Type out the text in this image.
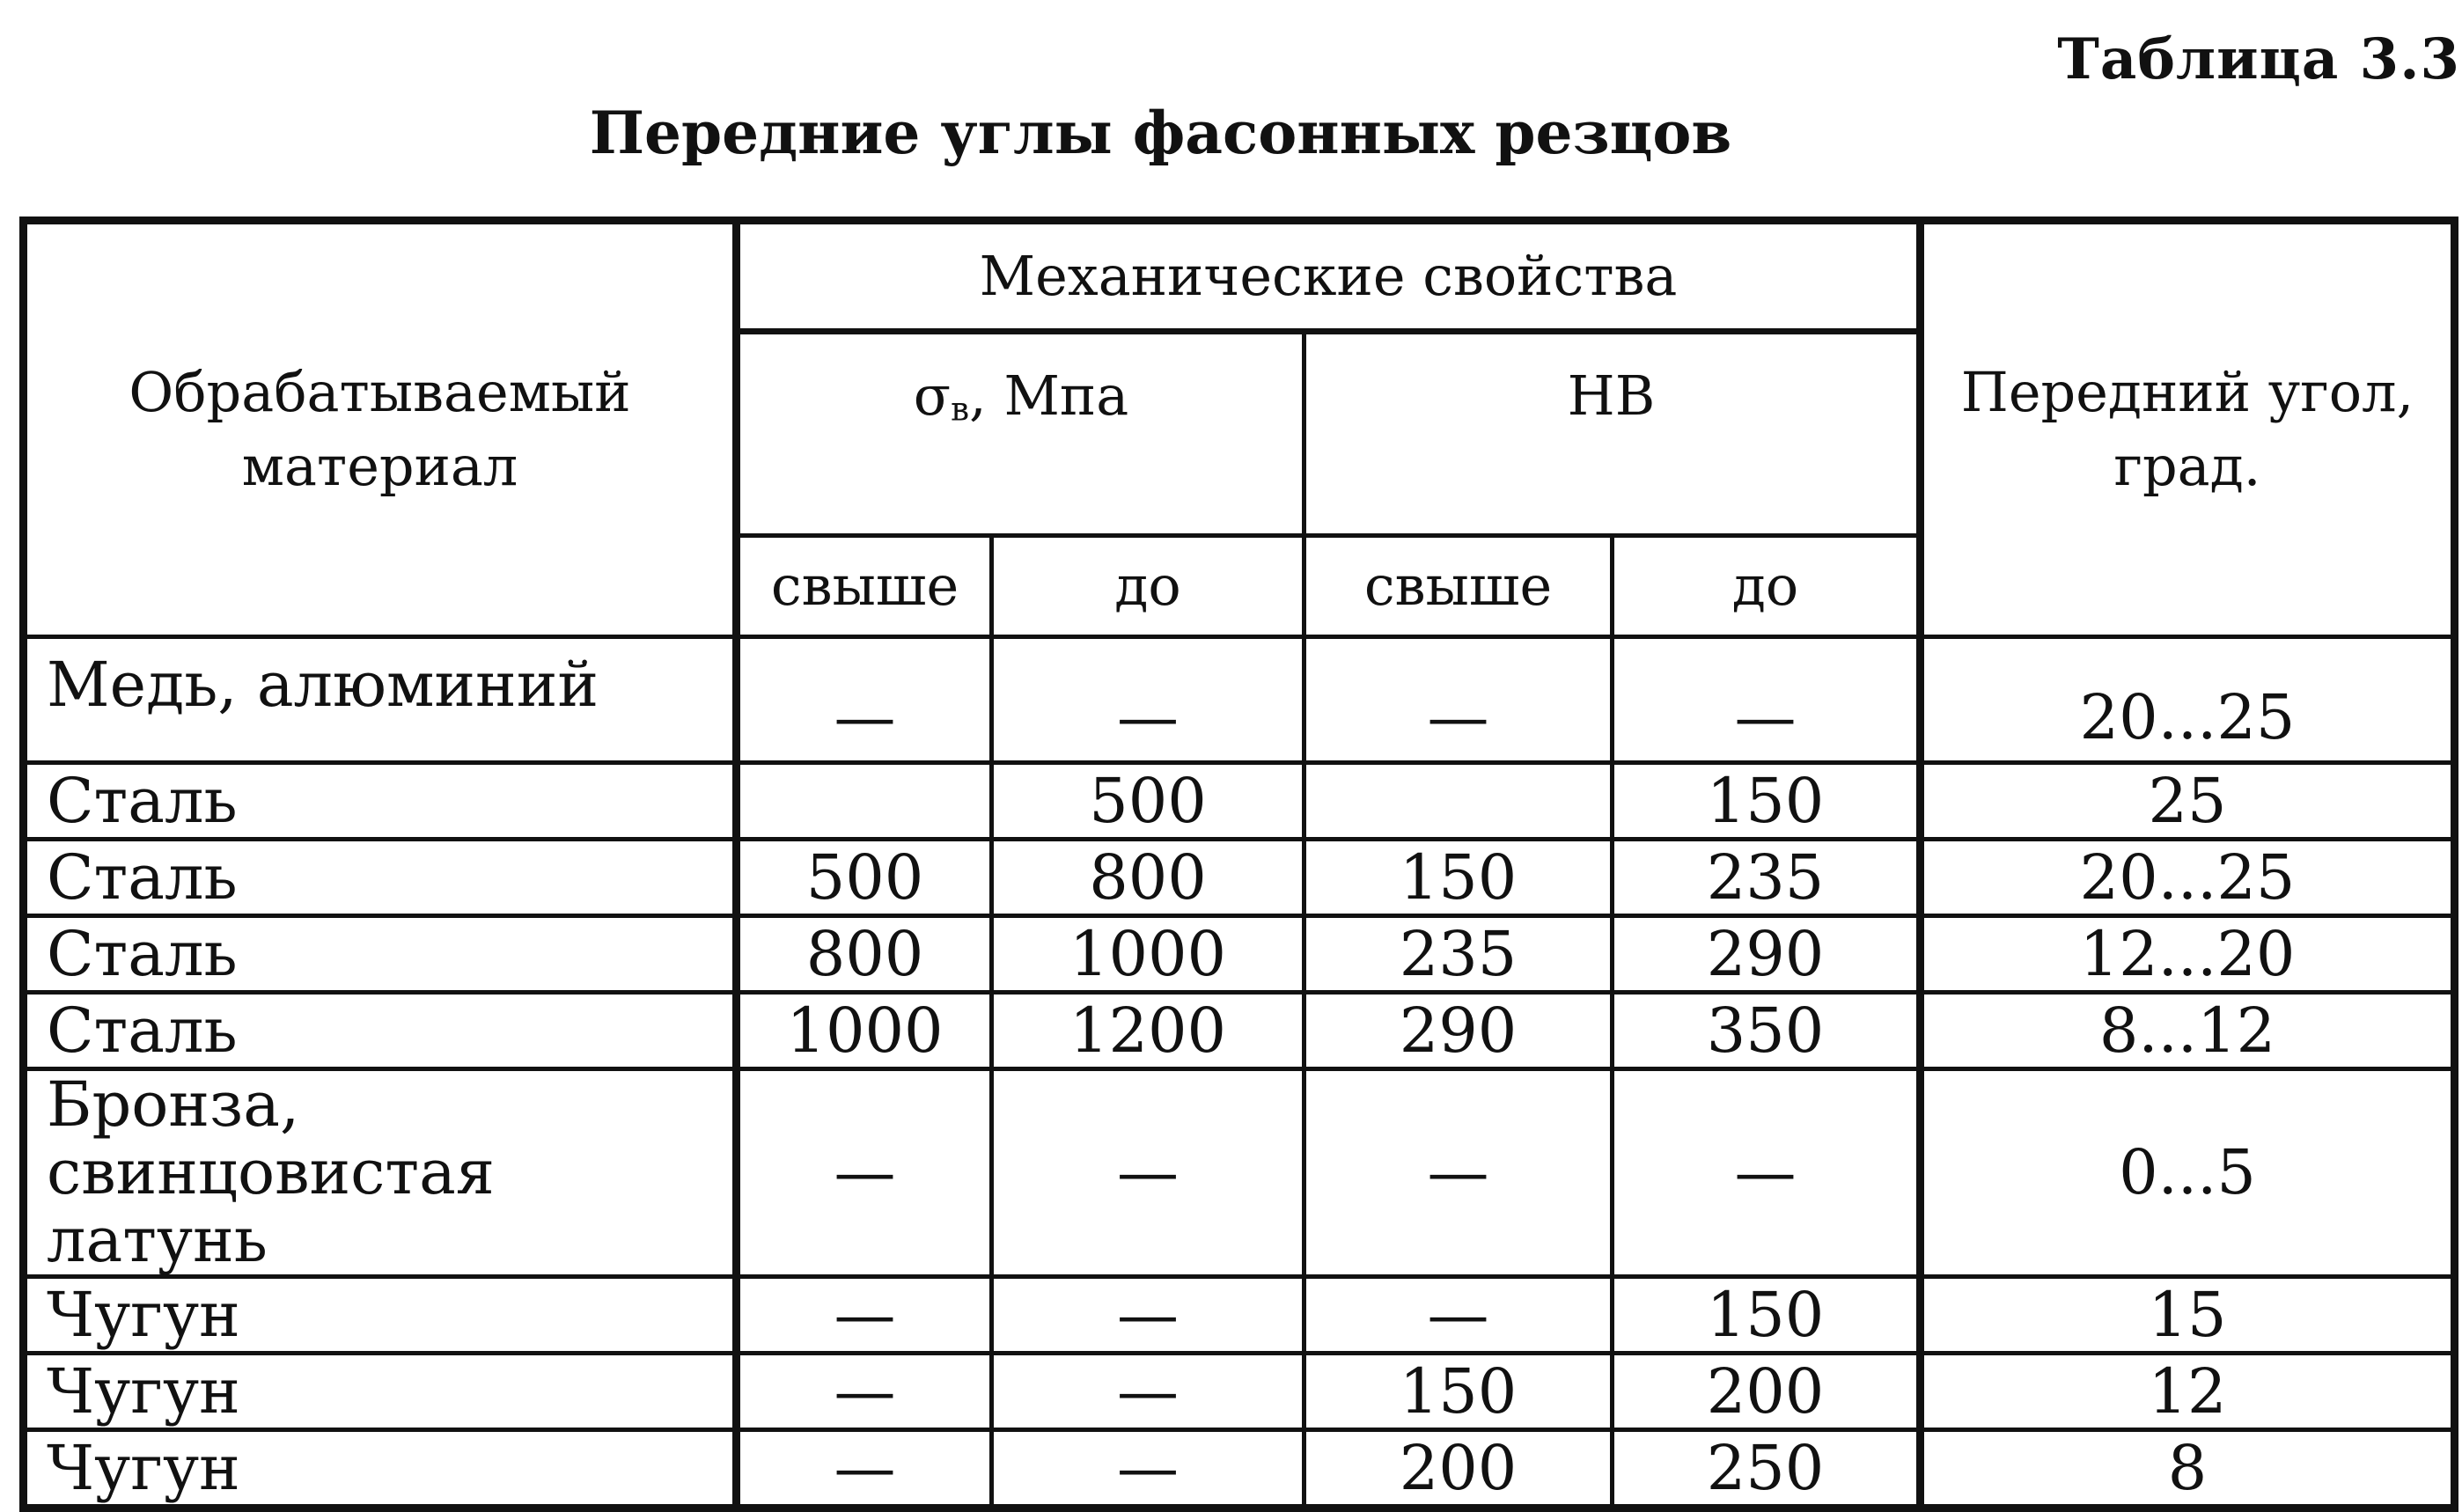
Таблица 3.3
Передние углы фасонных резцов
Обрабатываемый материал	Механические свойства				Передний угол, град.
	σв, Мпа		НВ		
	свыше	до	свыше	до	
Медь, алюминий	—	—	—	—	20...25
Сталь		500		150	25
Сталь	500	800	150	235	20...25
Сталь	800	1000	235	290	12...20
Сталь	1000	1200	290	350	8...12
Бронза, свинцовистая латунь	—	—	—	—	0...5
Чугун	—	—	—	150	15
Чугун	—	—	150	200	12
Чугун	—	—	200	250	8
